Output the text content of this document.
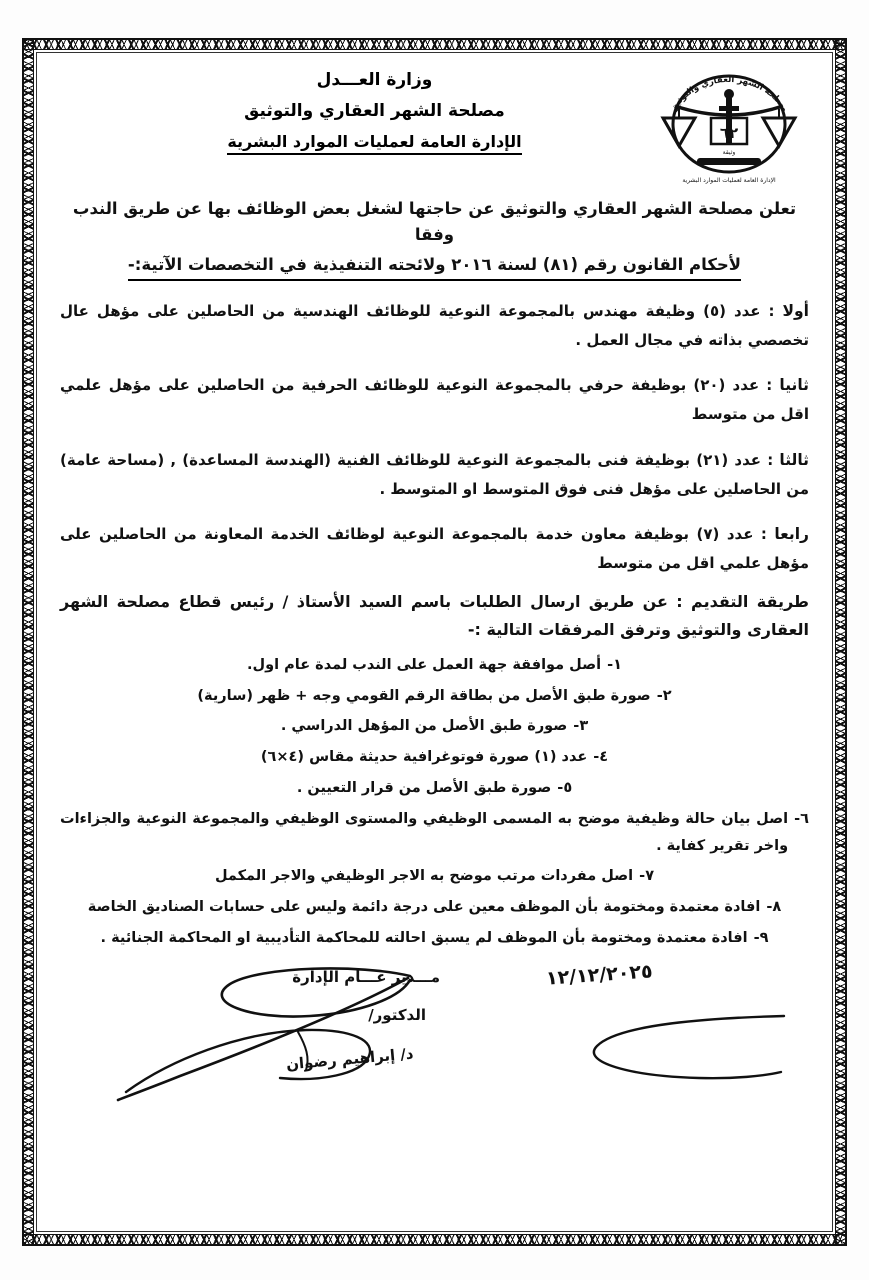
وزارة العـــدل
مصلحة الشهر العقاري والتوثيق
الإدارة العامة لعمليات الموارد البشرية
مصلحة الشهر العقاري والتوثيق
٦٢
وثيقة
الإدارة العامة لعمليات الموارد البشرية
تعلن مصلحة الشهر العقاري والتوثيق عن حاجتها لشغل بعض الوظائف بها عن طريق الندب وفقا
لأحكام القانون رقم (٨١) لسنة ٢٠١٦ ولائحته التنفيذية في التخصصات الآتية:-

أولا : عدد (٥) وظيفة مهندس بالمجموعة النوعية للوظائف الهندسية من الحاصلين على مؤهل عال تخصصي بذاته في مجال العمل .

ثانيا : عدد (٢٠) بوظيفة حرفي بالمجموعة النوعية للوظائف الحرفية من الحاصلين على مؤهل علمي اقل من متوسط

ثالثا : عدد (٢١) بوظيفة فنى بالمجموعة النوعية للوظائف الفنية (الهندسة المساعدة) , (مساحة عامة) من الحاصلين على مؤهل فنى فوق المتوسط او المتوسط .

رابعا : عدد (٧) بوظيفة معاون خدمة بالمجموعة النوعية لوظائف الخدمة المعاونة من الحاصلين على مؤهل علمي اقل من متوسط

طريقة التقديم : عن طريق ارسال الطلبات باسم السيد الأستاذ / رئيس قطاع مصلحة الشهر العقارى والتوثيق وترفق المرفقات التالية :-
١-
أصل موافقة جهة العمل على الندب لمدة عام اول.
٢-
صورة طبق الأصل من بطاقة الرقم القومي وجه + ظهر (سارية)
٣-
صورة طبق الأصل من المؤهل الدراسي .
٤-
عدد (١) صورة فوتوغرافية حديثة مقاس (٤×٦)
٥-
صورة طبق الأصل من قرار التعيين .
٦-
اصل بيان حالة وظيفية موضح به المسمى الوظيفي والمستوى الوظيفي والمجموعة النوعية والجزاءات واخر تقرير كفاية .
٧-
اصل مفردات مرتب موضح به الاجر الوظيفي والاجر المكمل
٨-
افادة معتمدة ومختومة بأن الموظف معين على درجة دائمة وليس على حسابات الصناديق الخاصة
٩-
افادة معتمدة ومختومة بأن الموظف لم يسبق احالته للمحاكمة التأديبية او المحاكمة الجنائية .
١٢/١٢/٢٠٢٥
مـــدير عـــام الإدارة
الدكتور/
د/ إبراهيم رضوان
